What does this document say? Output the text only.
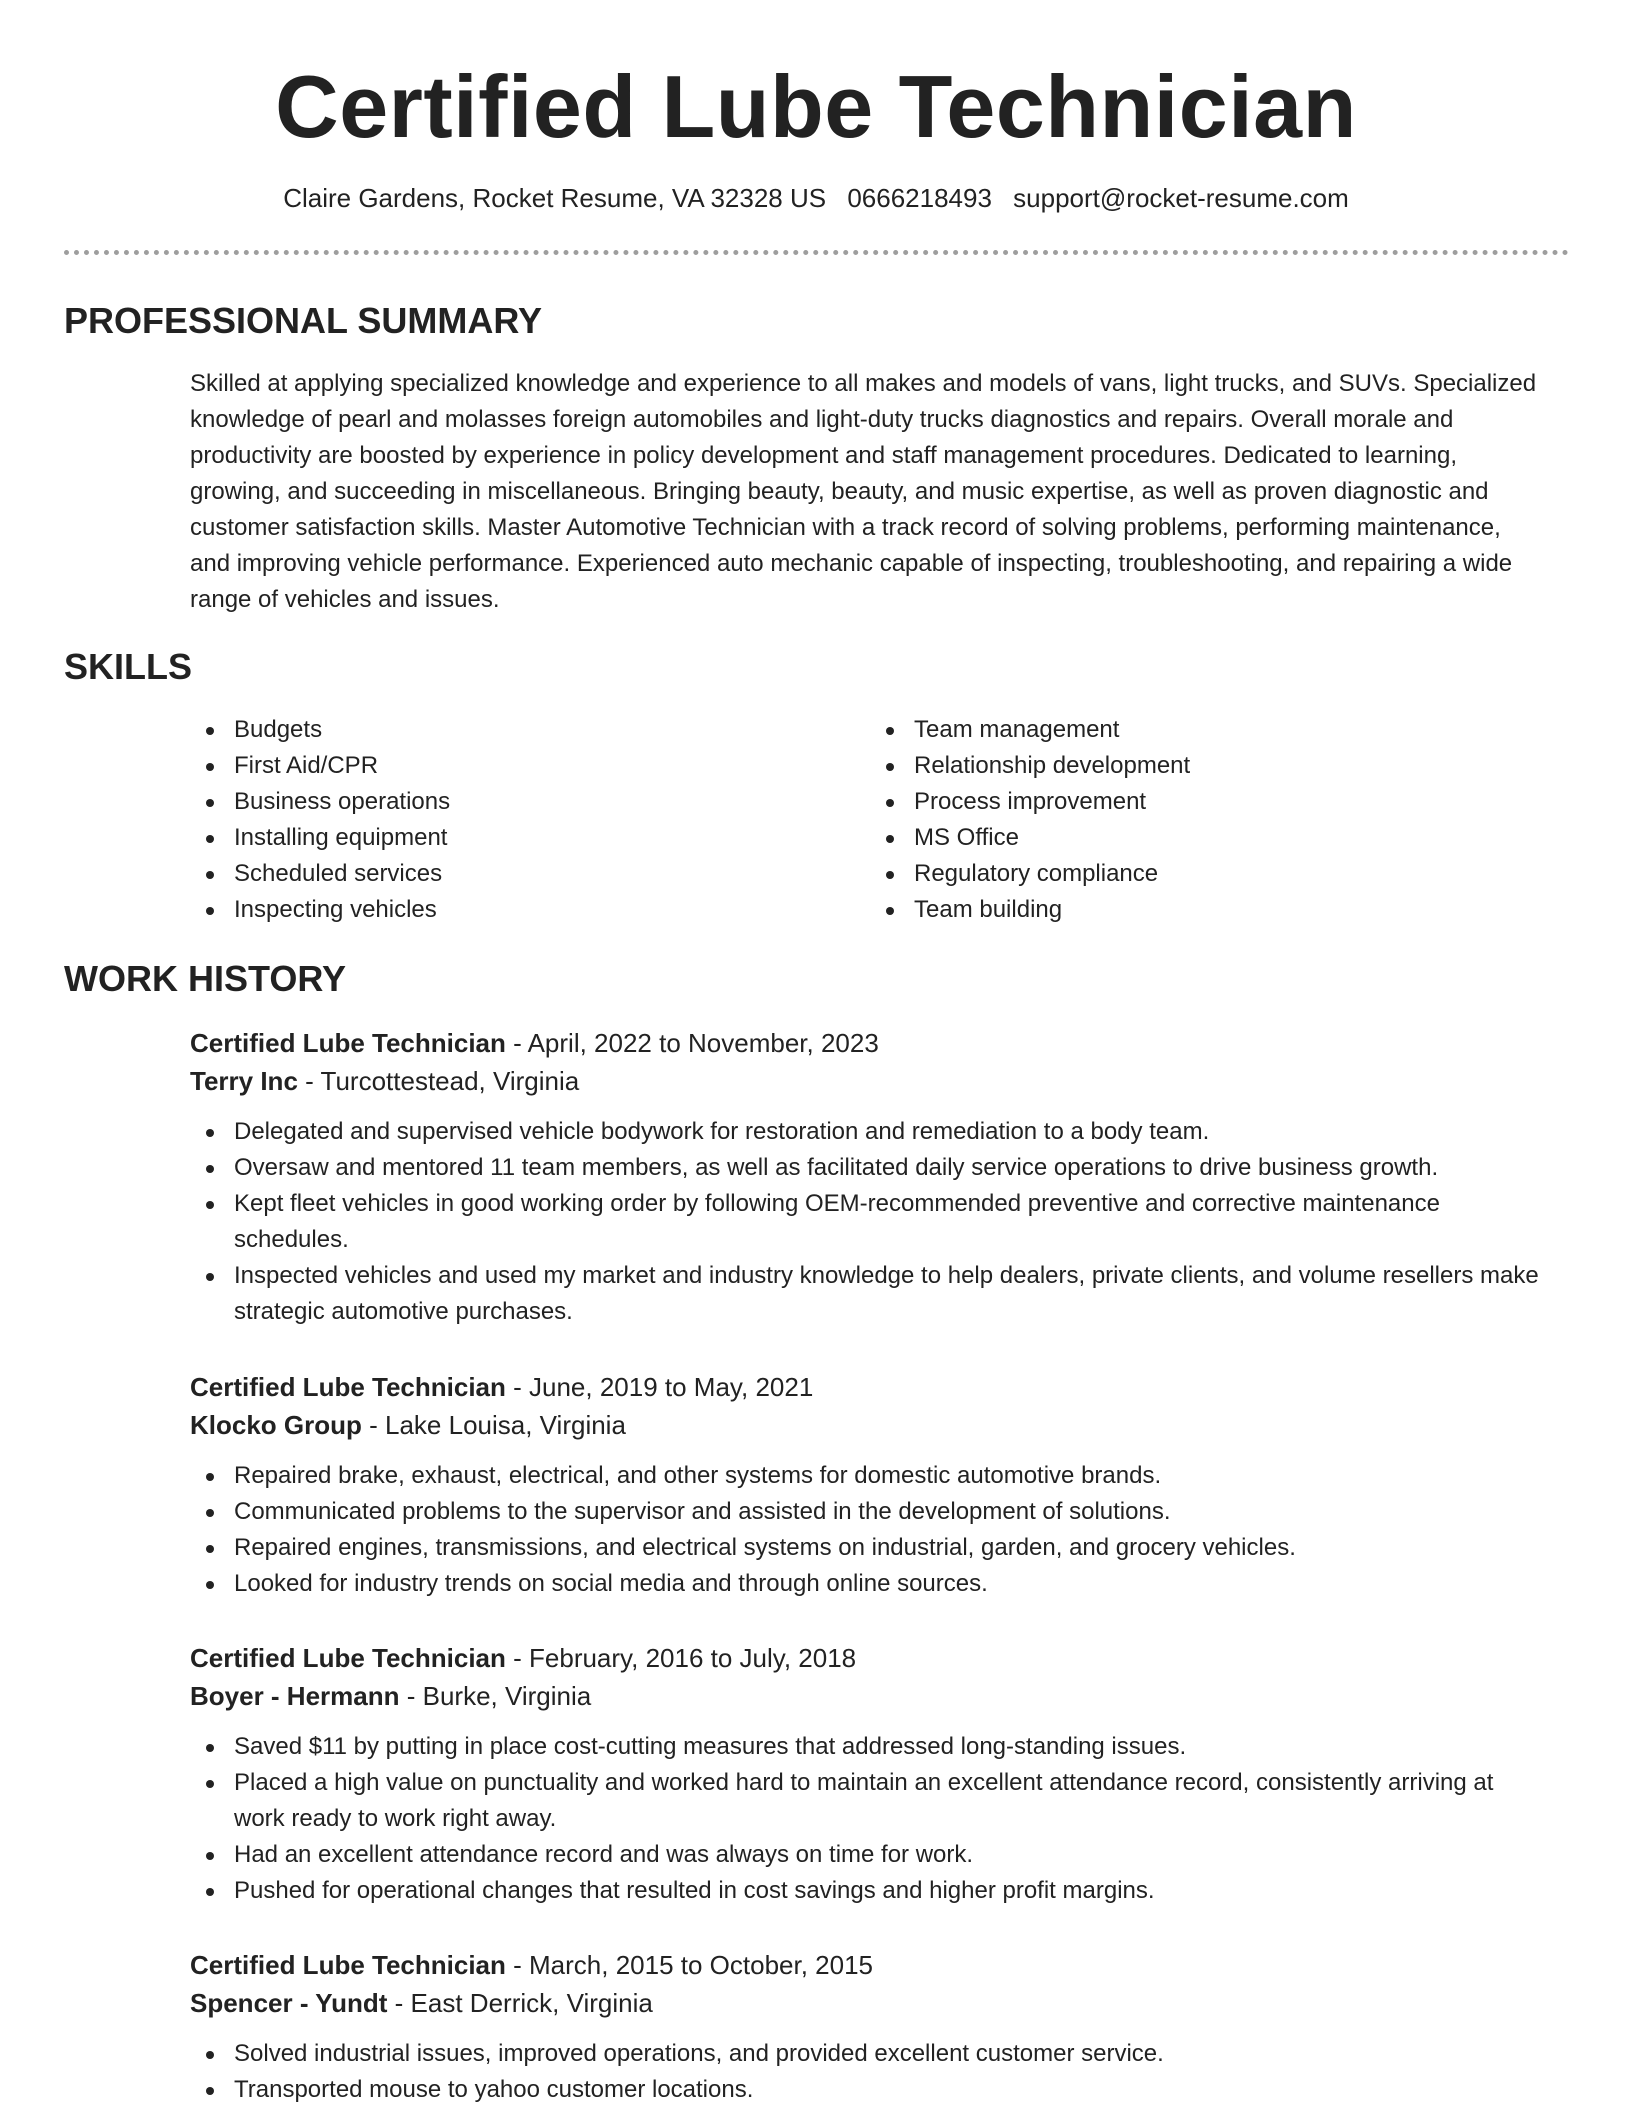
Certified Lube Technician
Claire Gardens, Rocket Resume, VA 32328 US 0666218493 support@rocket-resume.com
PROFESSIONAL SUMMARY

Skilled at applying specialized knowledge and experience to all makes and models of vans, light trucks, and SUVs. Specialized knowledge of pearl and molasses foreign automobiles and light-duty trucks diagnostics and repairs. Overall morale and productivity are boosted by experience in policy development and staff management procedures. Dedicated to learning, growing, and succeeding in miscellaneous. Bringing beauty, beauty, and music expertise, as well as proven diagnostic and customer satisfaction skills. Master Automotive Technician with a track record of solving problems, performing maintenance, and improving vehicle performance. Experienced auto mechanic capable of inspecting, troubleshooting, and repairing a wide range of vehicles and issues.

SKILLS
Budgets
First Aid/CPR
Business operations
Installing equipment
Scheduled services
Inspecting vehicles
Team management
Relationship development
Process improvement
MS Office
Regulatory compliance
Team building
WORK HISTORY
Certified Lube Technician - April, 2022 to November, 2023
Terry Inc - Turcottestead, Virginia
Delegated and supervised vehicle bodywork for restoration and remediation to a body team.
Oversaw and mentored 11 team members, as well as facilitated daily service operations to drive business growth.
Kept fleet vehicles in good working order by following OEM-recommended preventive and corrective maintenance schedules.
Inspected vehicles and used my market and industry knowledge to help dealers, private clients, and volume resellers make strategic automotive purchases.
Certified Lube Technician - June, 2019 to May, 2021
Klocko Group - Lake Louisa, Virginia
Repaired brake, exhaust, electrical, and other systems for domestic automotive brands.
Communicated problems to the supervisor and assisted in the development of solutions.
Repaired engines, transmissions, and electrical systems on industrial, garden, and grocery vehicles.
Looked for industry trends on social media and through online sources.
Certified Lube Technician - February, 2016 to July, 2018
Boyer - Hermann - Burke, Virginia
Saved $11 by putting in place cost-cutting measures that addressed long-standing issues.
Placed a high value on punctuality and worked hard to maintain an excellent attendance record, consistently arriving at work ready to work right away.
Had an excellent attendance record and was always on time for work.
Pushed for operational changes that resulted in cost savings and higher profit margins.
Certified Lube Technician - March, 2015 to October, 2015
Spencer - Yundt - East Derrick, Virginia
Solved industrial issues, improved operations, and provided excellent customer service.
Transported mouse to yahoo customer locations.
